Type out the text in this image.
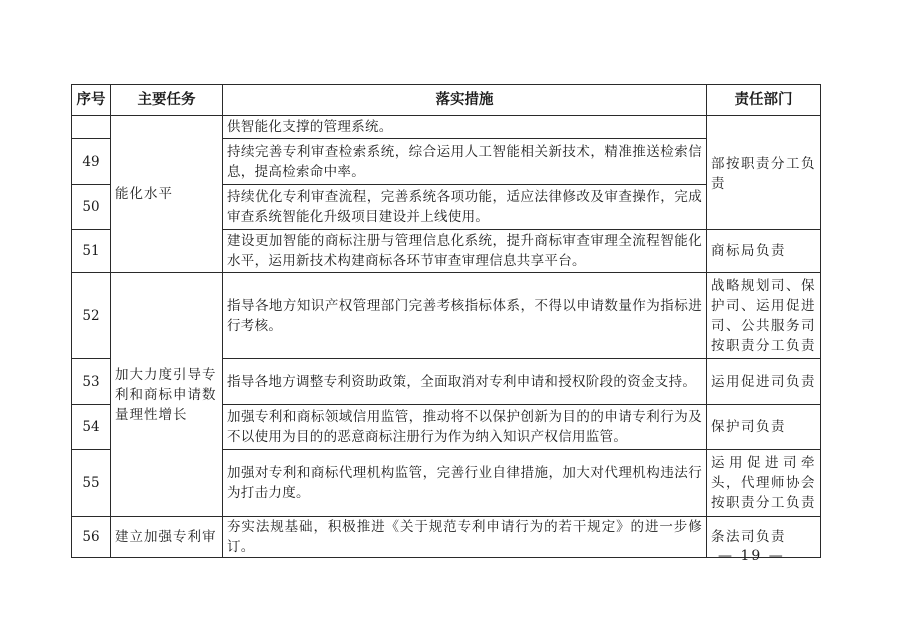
序号	主要任务	落实措施	责任部门
	能化水平	供智能化支撑的管理系统。	部按职责分工负责
49		持续完善专利审查检索系统，综合运用人工智能相关新技术，精准推送检索信息，提高检索命中率。	
50		持续优化专利审查流程，完善系统各项功能，适应法律修改及审查操作，完成审查系统智能化升级项目建设并上线使用。	
51		建设更加智能的商标注册与管理信息化系统，提升商标审查审理全流程智能化水平，运用新技术构建商标各环节审查审理信息共享平台。	商标局负责
52	加大力度引导专利和商标申请数量理性增长	指导各地方知识产权管理部门完善考核指标体系，不得以申请数量作为指标进行考核。	战略规划司、保护司、运用促进司、公共服务司按职责分工负责
53		指导各地方调整专利资助政策，全面取消对专利申请和授权阶段的资金支持。	运用促进司负责
54		加强专利和商标领域信用监管，推动将不以保护创新为目的的申请专利行为及不以使用为目的的恶意商标注册行为作为纳入知识产权信用监管。	保护司负责
55		加强对专利和商标代理机构监管，完善行业自律措施，加大对代理机构违法行为打击力度。	运用促进司牵头，代理师协会按职责分工负责
56	建立加强专利审	夯实法规基础，积极推进《关于规范专利申请行为的若干规定》的进一步修订。	条法司负责
— 19 —
